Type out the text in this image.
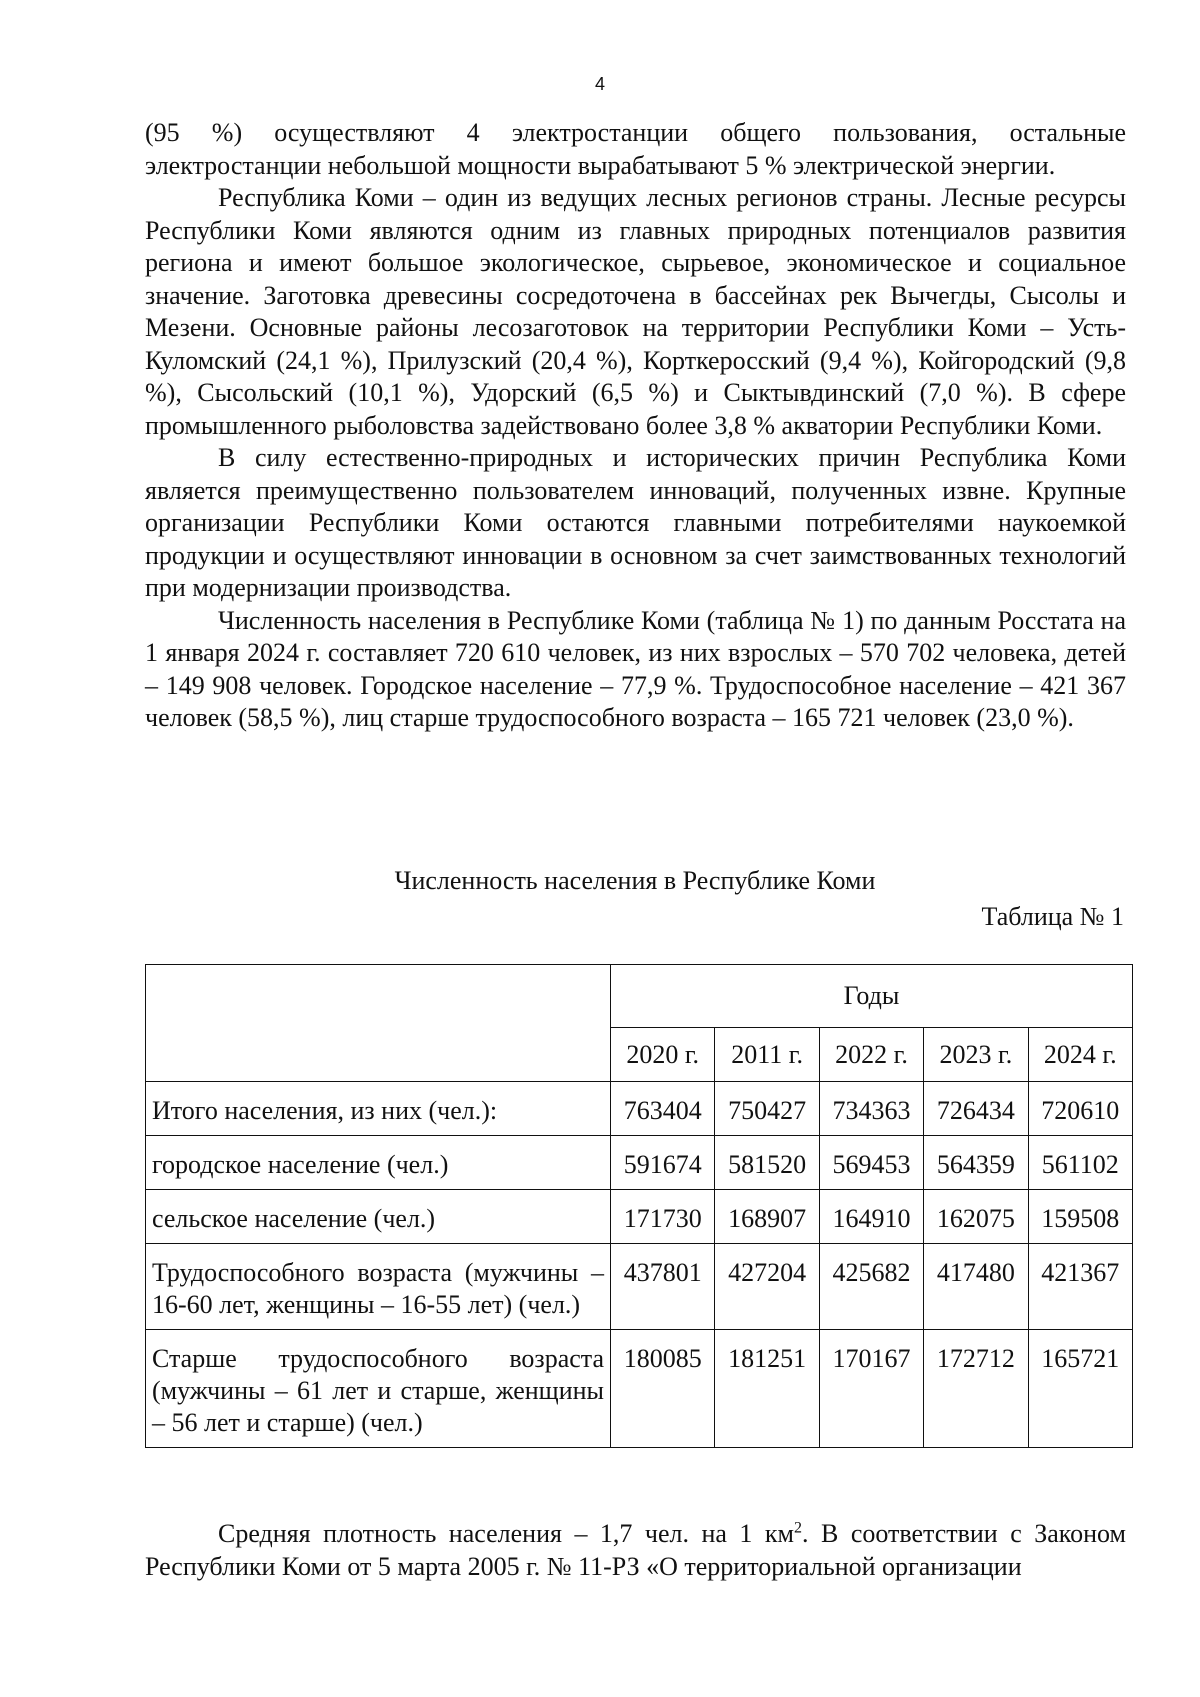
4

(95 %) осуществляют 4 электростанции общего пользования, остальные электростанции небольшой мощности вырабатывают 5 % электрической энергии.

Республика Коми – один из ведущих лесных регионов страны. Лесные ресурсы Республики Коми являются одним из главных природных потенциалов развития региона и имеют большое экологическое, сырьевое, экономическое и социальное значение. Заготовка древесины сосредоточена в бассейнах рек Вычегды, Сысолы и Мезени. Основные районы лесозаготовок на территории Республики Коми – Усть-Куломский (24,1 %), Прилузский (20,4 %), Корткеросский (9,4 %), Койгородский (9,8 %), Сысольский (10,1 %), Удорский (6,5 %) и Сыктывдинский (7,0 %). В сфере промышленного рыболовства задействовано более 3,8 % акватории Республики Коми.

В силу естественно-природных и исторических причин Республика Коми является преимущественно пользователем инноваций, полученных извне. Крупные организации Республики Коми остаются главными потребителями наукоемкой продукции и осуществляют инновации в основном за счет заимствованных технологий при модернизации производства.

Численность населения в Республике Коми (таблица № 1) по данным Росстата на 1 января 2024 г. составляет 720 610 человек, из них взрослых – 570 702 человека, детей – 149 908 человек. Городское население – 77,9 %. Трудоспособное население – 421 367 человек (58,5 %), лиц старше трудоспособного возраста – 165 721 человек (23,0 %).

Численность населения в Республике Коми
Таблица № 1
	Годы				
	2020 г.	2011 г.	2022 г.	2023 г.	2024 г.
Итого населения, из них (чел.):	763404	750427	734363	726434	720610
городское население (чел.)	591674	581520	569453	564359	561102
сельское население (чел.)	171730	168907	164910	162075	159508
Трудоспособного возраста (мужчины – 16-60 лет, женщины – 16-55 лет) (чел.)	437801	427204	425682	417480	421367
Старше трудоспособного возраста (мужчины – 61 лет и старше, женщины – 56 лет и старше) (чел.)	180085	181251	170167	172712	165721

Средняя плотность населения – 1,7 чел. на 1 $км^2$. В соответствии с Законом Республики Коми от 5 марта 2005 г. № 11-РЗ «О территориальной организации
